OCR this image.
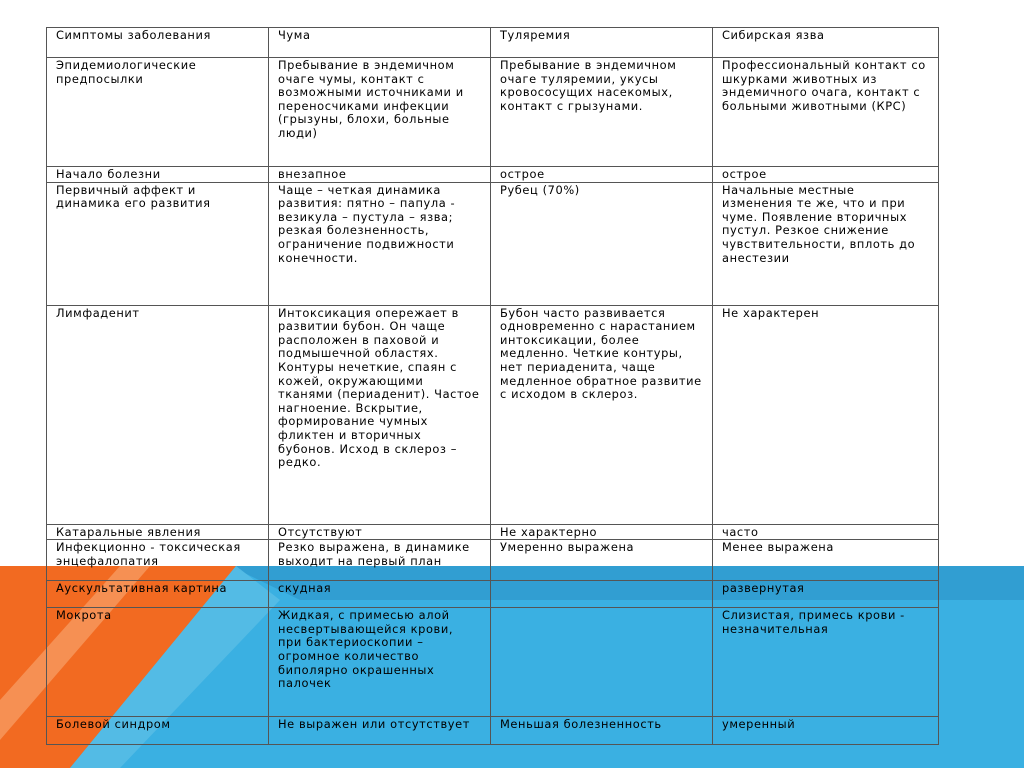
Симптомы заболевания	Чума	Туляремия	Сибирская язва
Эпидемиологические предпосылки	Пребывание в эндемичном очаге чумы, контакт с возможными источниками и переносчиками инфекции (грызуны, блохи, больные люди)	Пребывание в эндемичном очаге туляремии, укусы кровососущих насекомых, контакт с грызунами.	Профессиональный контакт со шкурками животных из эндемичного очага, контакт с больными животными (КРС)
Начало болезни	внезапное	острое	острое
Первичный аффект и динамика его развития	Чаще – четкая динамика развития: пятно – папула - везикула – пустула – язва; резкая болезненность, ограничение подвижности конечности.	Рубец (70%)	Начальные местные изменения те же, что и при чуме. Появление вторичных пустул. Резкое снижение чувствительности, вплоть до анестезии
Лимфаденит	Интоксикация опережает в развитии бубон. Он чаще расположен в паховой и подмышечной областях. Контуры нечеткие, спаян с кожей, окружающими тканями (периаденит). Частое нагноение. Вскрытие, формирование чумных фликтен и вторичных бубонов. Исход в склероз – редко.	Бубон часто развивается одновременно с нарастанием интоксикации, более медленно. Четкие контуры, нет периаденита, чаще медленное обратное развитие с исходом в склероз.	Не характерен
Катаральные явления	Отсутствуют	Не характерно	часто
Инфекционно - токсическая энцефалопатия	Резко выражена, в динамике выходит на первый план	Умеренно выражена	Менее выражена
Аускультативная картина	скудная		развернутая
Мокрота	Жидкая, с примесью алой несвертывающейся крови, при бактериоскопии – огромное количество биполярно окрашенных палочек		Слизистая, примесь крови - незначительная
Болевой синдром	Не выражен или отсутствует	Меньшая болезненность	умеренный
